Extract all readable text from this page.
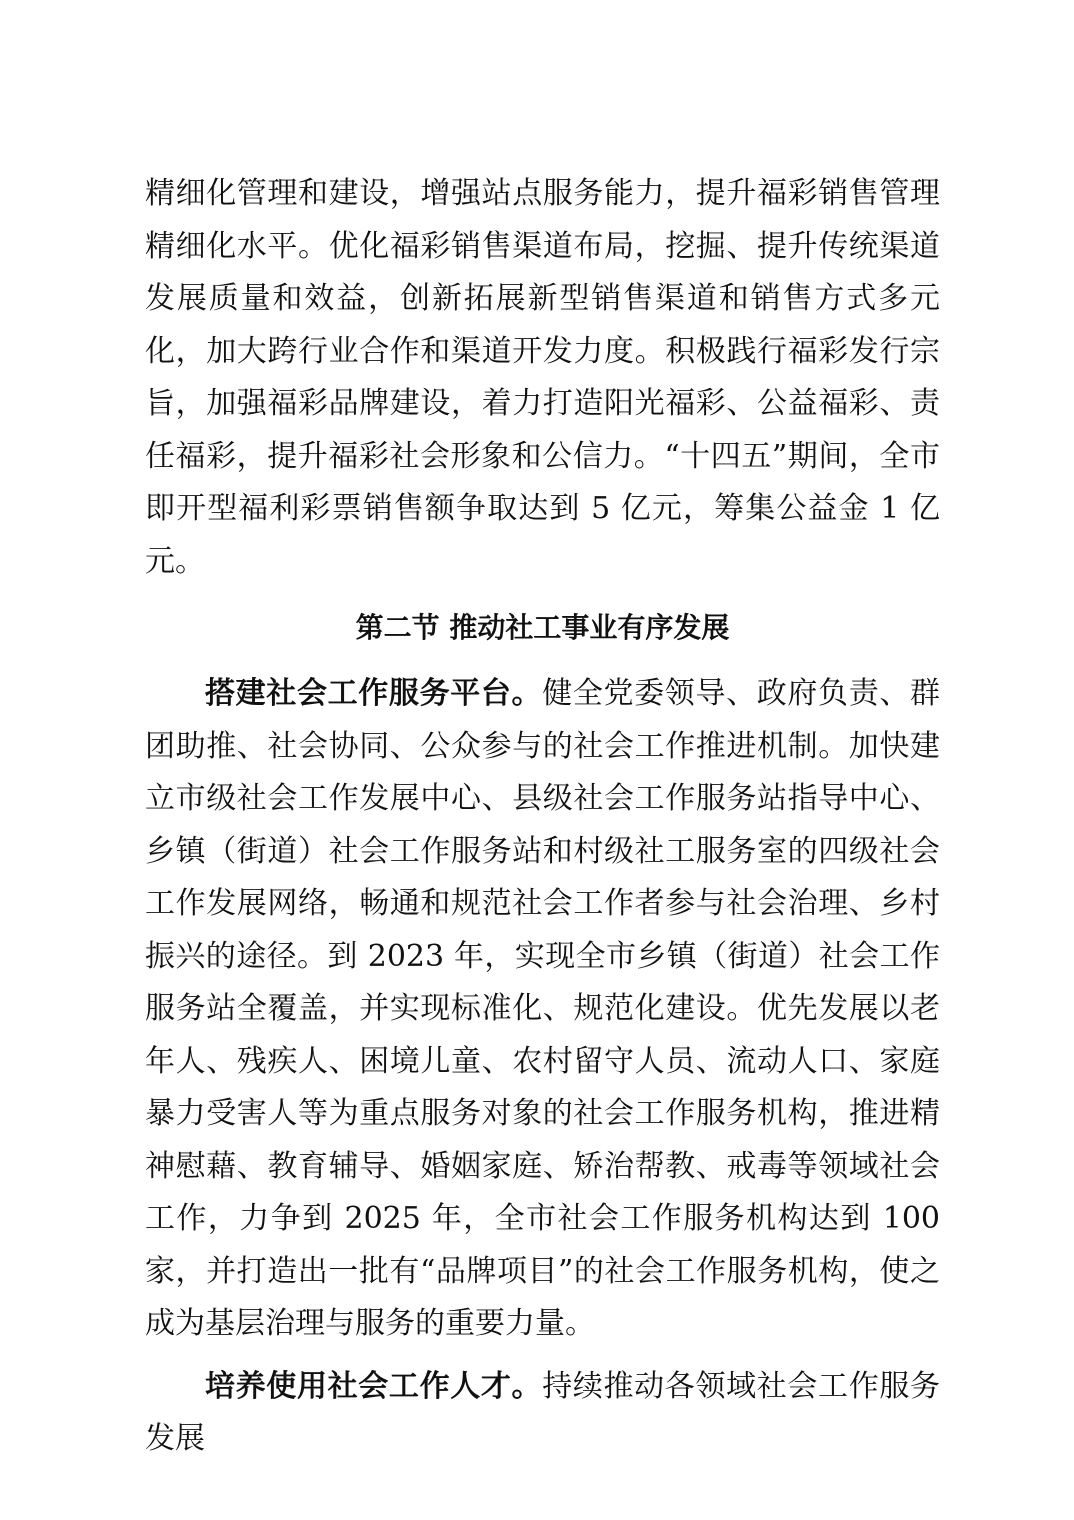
精细化管理和建设，增强站点服务能力，提升福彩销售管理精细化水平。优化福彩销售渠道布局，挖掘、提升传统渠道发展质量和效益，创新拓展新型销售渠道和销售方式多元化，加大跨行业合作和渠道开发力度。积极践行福彩发行宗旨，加强福彩品牌建设，着力打造阳光福彩、公益福彩、责任福彩，提升福彩社会形象和公信力。“十四五”期间，全市即开型福利彩票销售额争取达到 5 亿元，筹集公益金 1 亿元。

第二节 推动社工事业有序发展

搭建社会工作服务平台。健全党委领导、政府负责、群团助推、社会协同、公众参与的社会工作推进机制。加快建立市级社会工作发展中心、县级社会工作服务站指导中心、乡镇（街道）社会工作服务站和村级社工服务室的四级社会工作发展网络，畅通和规范社会工作者参与社会治理、乡村振兴的途径。到 2023 年，实现全市乡镇（街道）社会工作服务站全覆盖，并实现标准化、规范化建设。优先发展以老年人、残疾人、困境儿童、农村留守人员、流动人口、家庭暴力受害人等为重点服务对象的社会工作服务机构，推进精神慰藉、教育辅导、婚姻家庭、矫治帮教、戒毒等领域社会工作，力争到 2025 年，全市社会工作服务机构达到 100 家，并打造出一批有“品牌项目”的社会工作服务机构，使之成为基层治理与服务的重要力量。

培养使用社会工作人才。持续推动各领域社会工作服务发展
